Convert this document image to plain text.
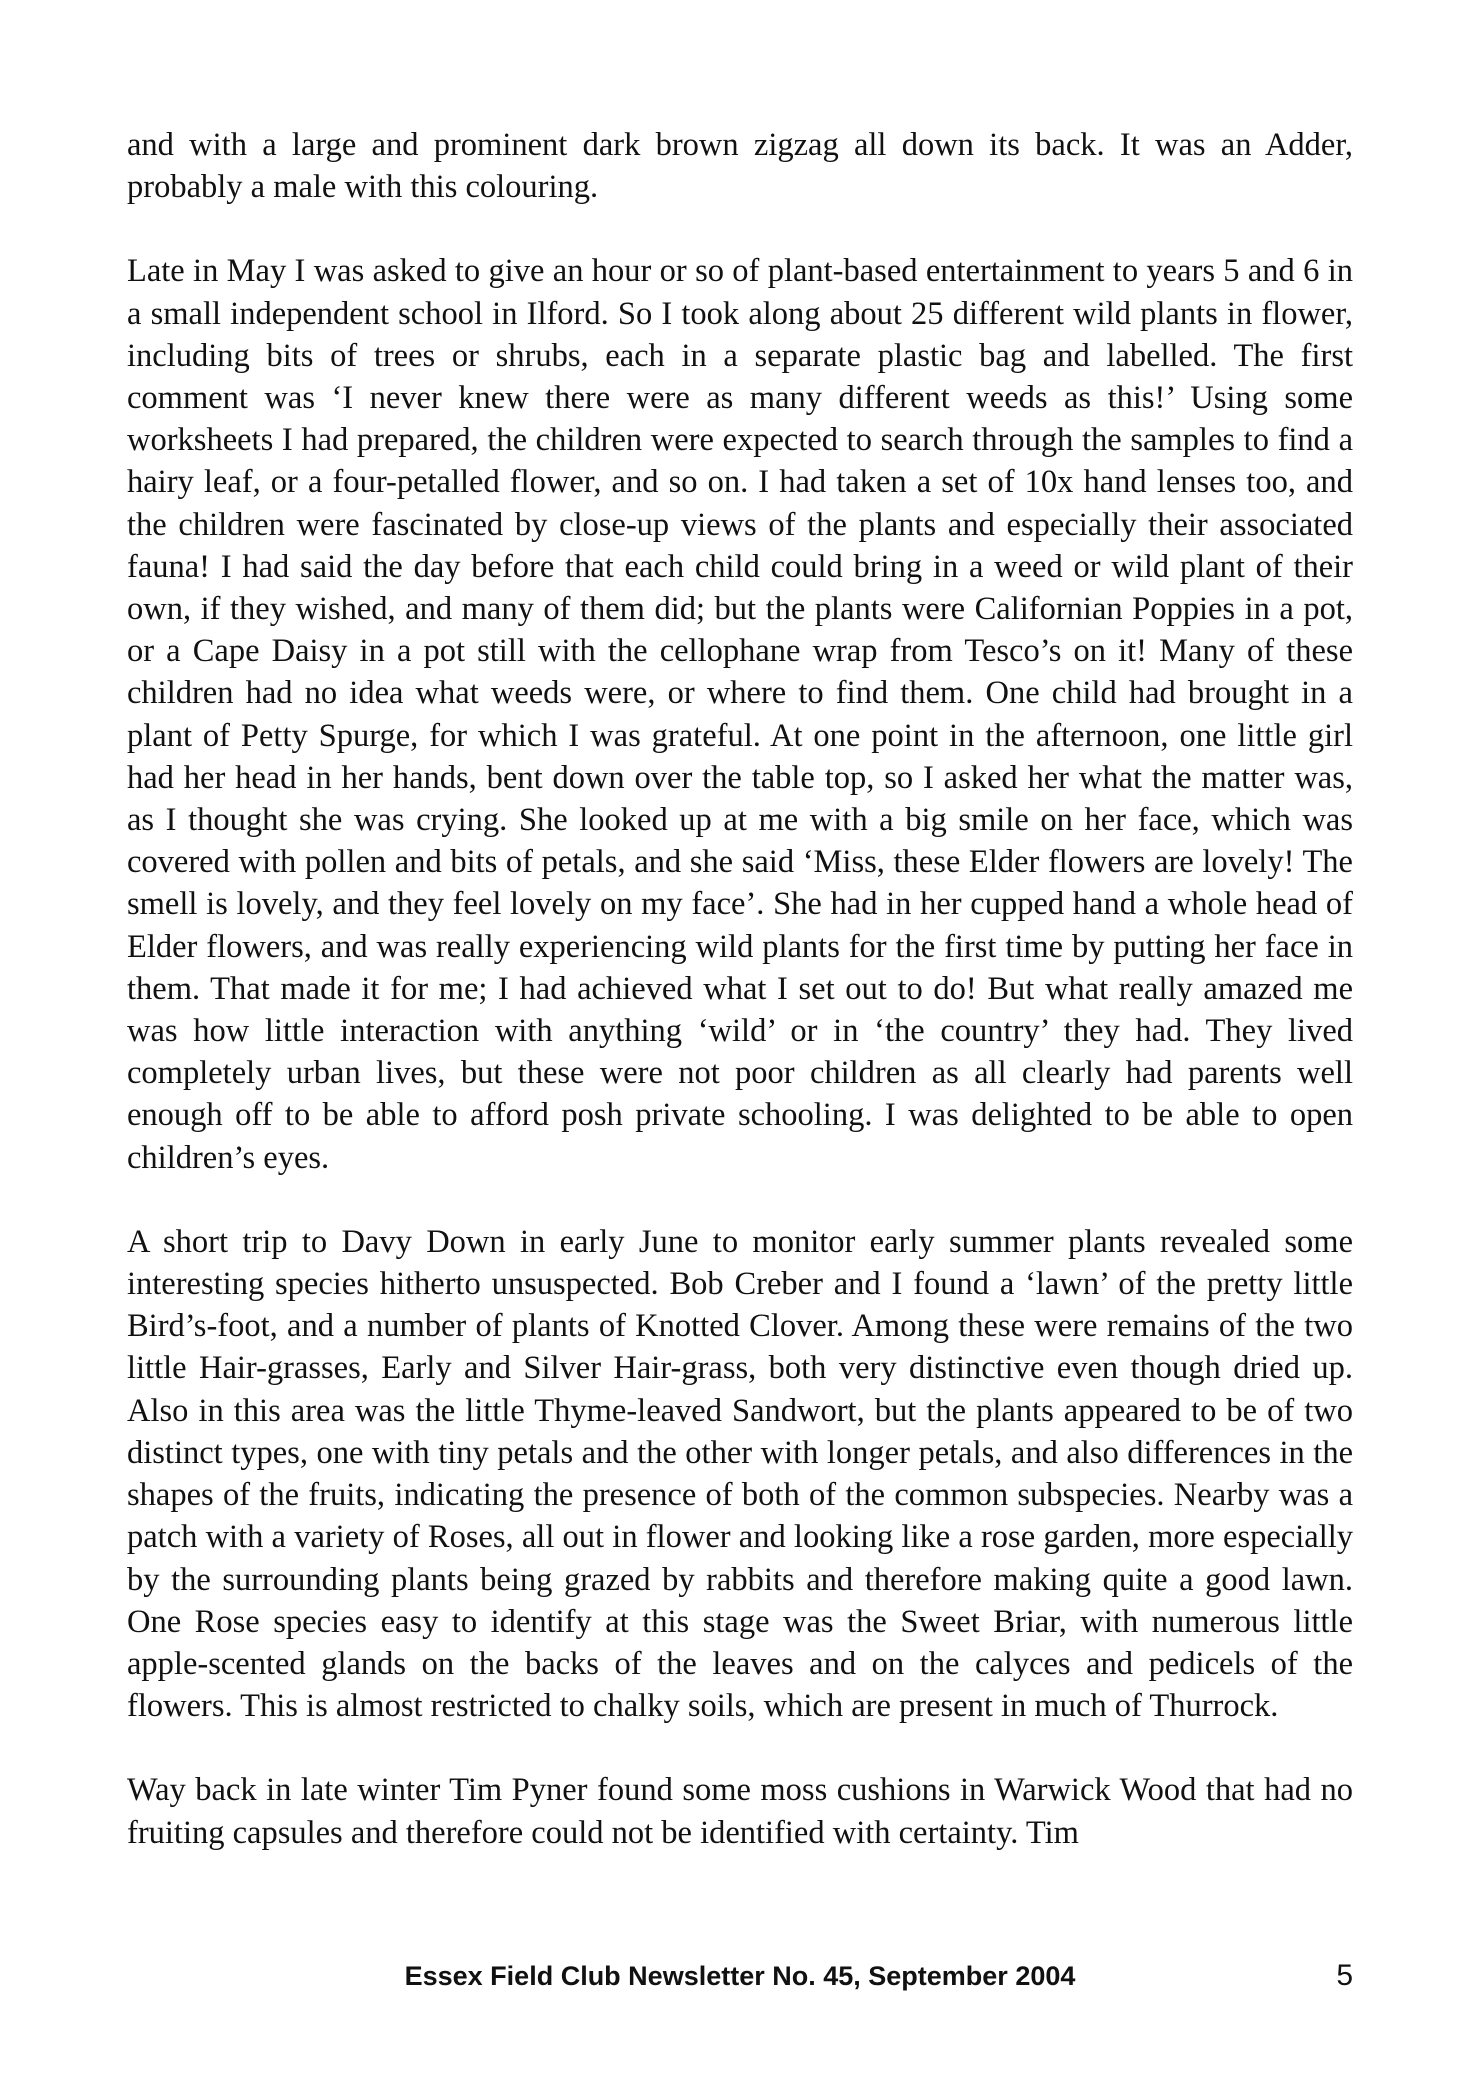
and with a large and prominent dark brown zigzag all down its back. It was an Adder, probably a male with this colouring.

Late in May I was asked to give an hour or so of plant-based entertainment to years 5 and 6 in a small independent school in Ilford. So I took along about 25 different wild plants in flower, including bits of trees or shrubs, each in a separate plastic bag and labelled. The first comment was ‘I never knew there were as many different weeds as this!’ Using some worksheets I had prepared, the children were expected to search through the samples to find a hairy leaf, or a four-petalled flower, and so on. I had taken a set of 10x hand lenses too, and the children were fascinated by close-up views of the plants and especially their associated fauna! I had said the day before that each child could bring in a weed or wild plant of their own, if they wished, and many of them did; but the plants were Californian Poppies in a pot, or a Cape Daisy in a pot still with the cellophane wrap from Tesco’s on it! Many of these children had no idea what weeds were, or where to find them. One child had brought in a plant of Petty Spurge, for which I was grateful. At one point in the afternoon, one little girl had her head in her hands, bent down over the table top, so I asked her what the matter was, as I thought she was crying. She looked up at me with a big smile on her face, which was covered with pollen and bits of petals, and she said ‘Miss, these Elder flowers are lovely! The smell is lovely, and they feel lovely on my face’. She had in her cupped hand a whole head of Elder flowers, and was really experiencing wild plants for the first time by putting her face in them. That made it for me; I had achieved what I set out to do! But what really amazed me was how little interaction with anything ‘wild’ or in ‘the country’ they had. They lived completely urban lives, but these were not poor children as all clearly had parents well enough off to be able to afford posh private schooling. I was delighted to be able to open children’s eyes.

A short trip to Davy Down in early June to monitor early summer plants revealed some interesting species hitherto unsuspected. Bob Creber and I found a ‘lawn’ of the pretty little Bird’s-foot, and a number of plants of Knotted Clover. Among these were remains of the two little Hair-grasses, Early and Silver Hair-grass, both very distinctive even though dried up. Also in this area was the little Thyme-leaved Sandwort, but the plants appeared to be of two distinct types, one with tiny petals and the other with longer petals, and also differences in the shapes of the fruits, indicating the presence of both of the common subspecies. Nearby was a patch with a variety of Roses, all out in flower and looking like a rose garden, more especially by the surrounding plants being grazed by rabbits and therefore making quite a good lawn. One Rose species easy to identify at this stage was the Sweet Briar, with numerous little apple-scented glands on the backs of the leaves and on the calyces and pedicels of the flowers. This is almost restricted to chalky soils, which are present in much of Thurrock.

Way back in late winter Tim Pyner found some moss cushions in Warwick Wood that had no fruiting capsules and therefore could not be identified with certainty. Tim

Essex Field Club Newsletter No. 45, September 2004	5
